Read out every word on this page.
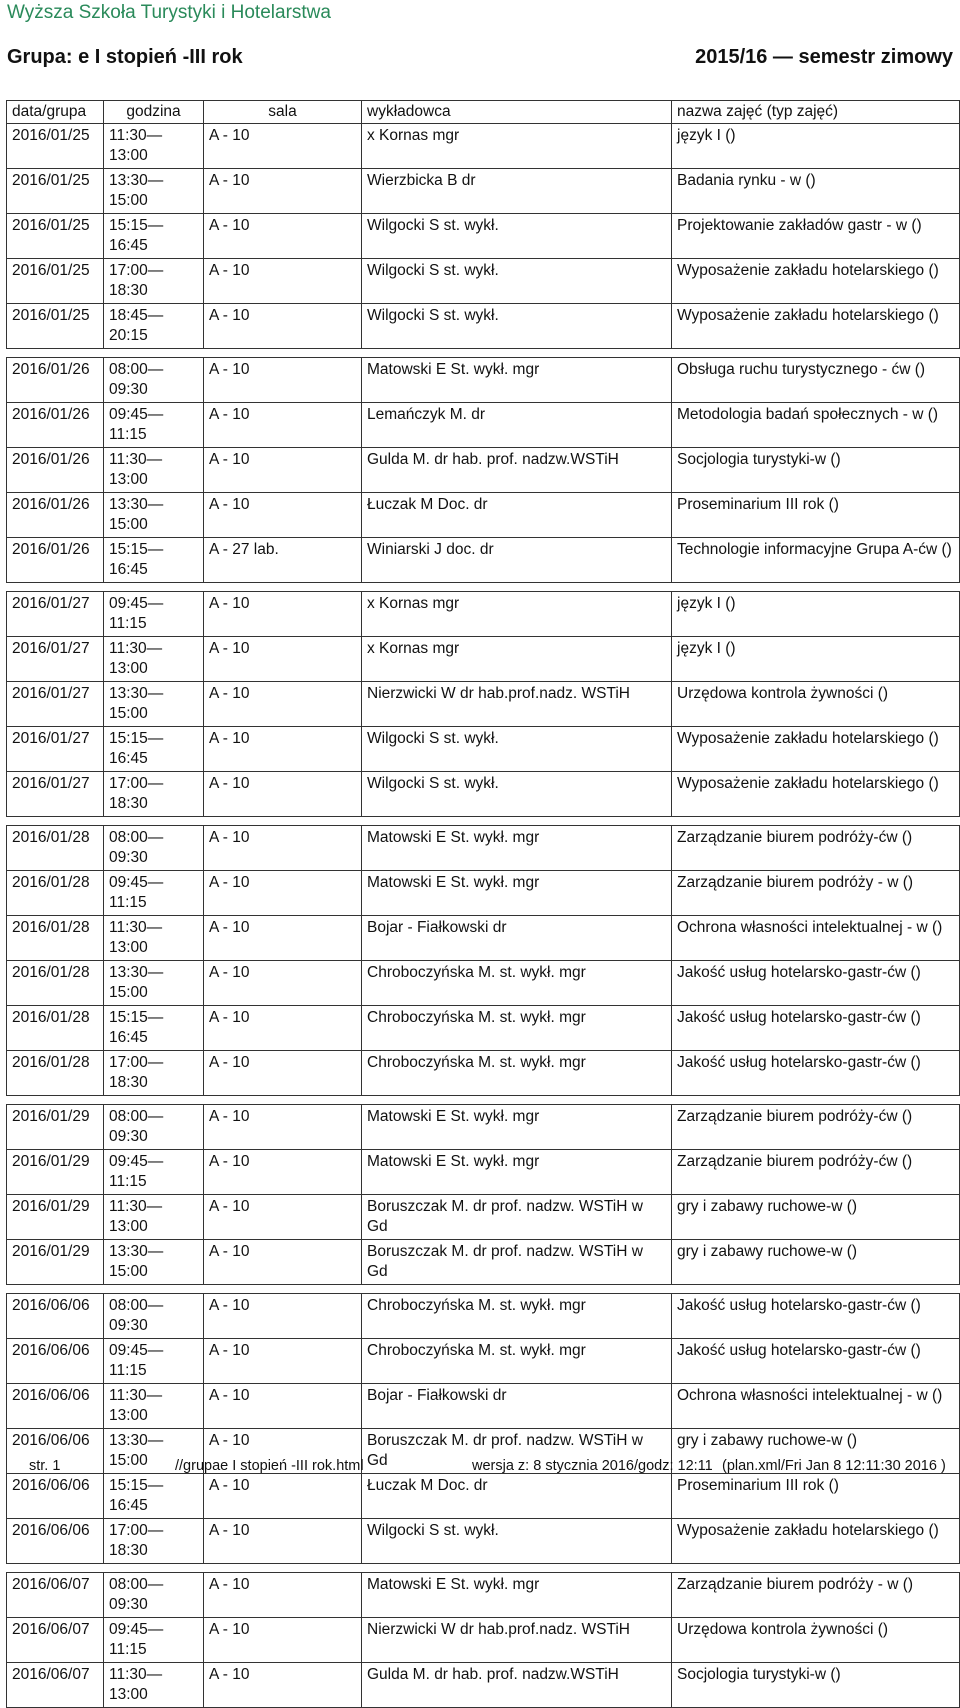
Wyższa Szkoła Turystyki i Hotelarstwa
Grupa: e I stopień -III rok	2015/16 — semestr zimowy
data/grupa	godzina	sala	wykładowca	nazwa zajęć (typ zajęć)
2016/01/25	11:30—13:00	A - 10	x Kornas mgr	język I ()
2016/01/25	13:30—15:00	A - 10	Wierzbicka B dr	Badania rynku - w ()
2016/01/25	15:15—16:45	A - 10	Wilgocki S st. wykł.	Projektowanie zakładów gastr - w ()
2016/01/25	17:00—18:30	A - 10	Wilgocki S st. wykł.	Wyposażenie zakładu hotelarskiego ()
2016/01/25	18:45—20:15	A - 10	Wilgocki S st. wykł.	Wyposażenie zakładu hotelarskiego ()

2016/01/26	08:00—09:30	A - 10	Matowski E St. wykł. mgr	Obsługa ruchu turystycznego - ćw ()
2016/01/26	09:45—11:15	A - 10	Lemańczyk M. dr	Metodologia badań społecznych - w ()
2016/01/26	11:30—13:00	A - 10	Gulda M. dr hab. prof. nadzw.WSTiH	Socjologia turystyki-w ()
2016/01/26	13:30—15:00	A - 10	Łuczak M Doc. dr	Proseminarium III rok ()
2016/01/26	15:15—16:45	A - 27 lab.	Winiarski J doc. dr	Technologie informacyjne Grupa A-ćw ()

2016/01/27	09:45—11:15	A - 10	x Kornas mgr	język I ()
2016/01/27	11:30—13:00	A - 10	x Kornas mgr	język I ()
2016/01/27	13:30—15:00	A - 10	Nierzwicki W dr hab.prof.nadz. WSTiH	Urzędowa kontrola żywności ()
2016/01/27	15:15—16:45	A - 10	Wilgocki S st. wykł.	Wyposażenie zakładu hotelarskiego ()
2016/01/27	17:00—18:30	A - 10	Wilgocki S st. wykł.	Wyposażenie zakładu hotelarskiego ()

2016/01/28	08:00—09:30	A - 10	Matowski E St. wykł. mgr	Zarządzanie biurem podróży-ćw ()
2016/01/28	09:45—11:15	A - 10	Matowski E St. wykł. mgr	Zarządzanie biurem podróży - w ()
2016/01/28	11:30—13:00	A - 10	Bojar - Fiałkowski dr	Ochrona własności intelektualnej - w ()
2016/01/28	13:30—15:00	A - 10	Chroboczyńska M. st. wykł. mgr	Jakość usług hotelarsko-gastr-ćw ()
2016/01/28	15:15—16:45	A - 10	Chroboczyńska M. st. wykł. mgr	Jakość usług hotelarsko-gastr-ćw ()
2016/01/28	17:00—18:30	A - 10	Chroboczyńska M. st. wykł. mgr	Jakość usług hotelarsko-gastr-ćw ()

2016/01/29	08:00—09:30	A - 10	Matowski E St. wykł. mgr	Zarządzanie biurem podróży-ćw ()
2016/01/29	09:45—11:15	A - 10	Matowski E St. wykł. mgr	Zarządzanie biurem podróży-ćw ()
2016/01/29	11:30—13:00	A - 10	Boruszczak M. dr prof. nadzw. WSTiH w Gd	gry i zabawy ruchowe-w ()
2016/01/29	13:30—15:00	A - 10	Boruszczak M. dr prof. nadzw. WSTiH w Gd	gry i zabawy ruchowe-w ()

2016/06/06	08:00—09:30	A - 10	Chroboczyńska M. st. wykł. mgr	Jakość usług hotelarsko-gastr-ćw ()
2016/06/06	09:45—11:15	A - 10	Chroboczyńska M. st. wykł. mgr	Jakość usług hotelarsko-gastr-ćw ()
2016/06/06	11:30—13:00	A - 10	Bojar - Fiałkowski dr	Ochrona własności intelektualnej - w ()
2016/06/06	13:30—15:00	A - 10	Boruszczak M. dr prof. nadzw. WSTiH w Gd	gry i zabawy ruchowe-w ()
2016/06/06	15:15—16:45	A - 10	Łuczak M Doc. dr	Proseminarium III rok ()
2016/06/06	17:00—18:30	A - 10	Wilgocki S st. wykł.	Wyposażenie zakładu hotelarskiego ()

2016/06/07	08:00—09:30	A - 10	Matowski E St. wykł. mgr	Zarządzanie biurem podróży - w ()
2016/06/07	09:45—11:15	A - 10	Nierzwicki W dr hab.prof.nadz. WSTiH	Urzędowa kontrola żywności ()
2016/06/07	11:30—13:00	A - 10	Gulda M. dr hab. prof. nadzw.WSTiH	Socjologia turystyki-w ()
str. 1	//grupae I stopień -III rok.html	wersja z: 8 stycznia 2016/godz: 12:11 (plan.xml/Fri Jan 8 12:11:30 2016 )
